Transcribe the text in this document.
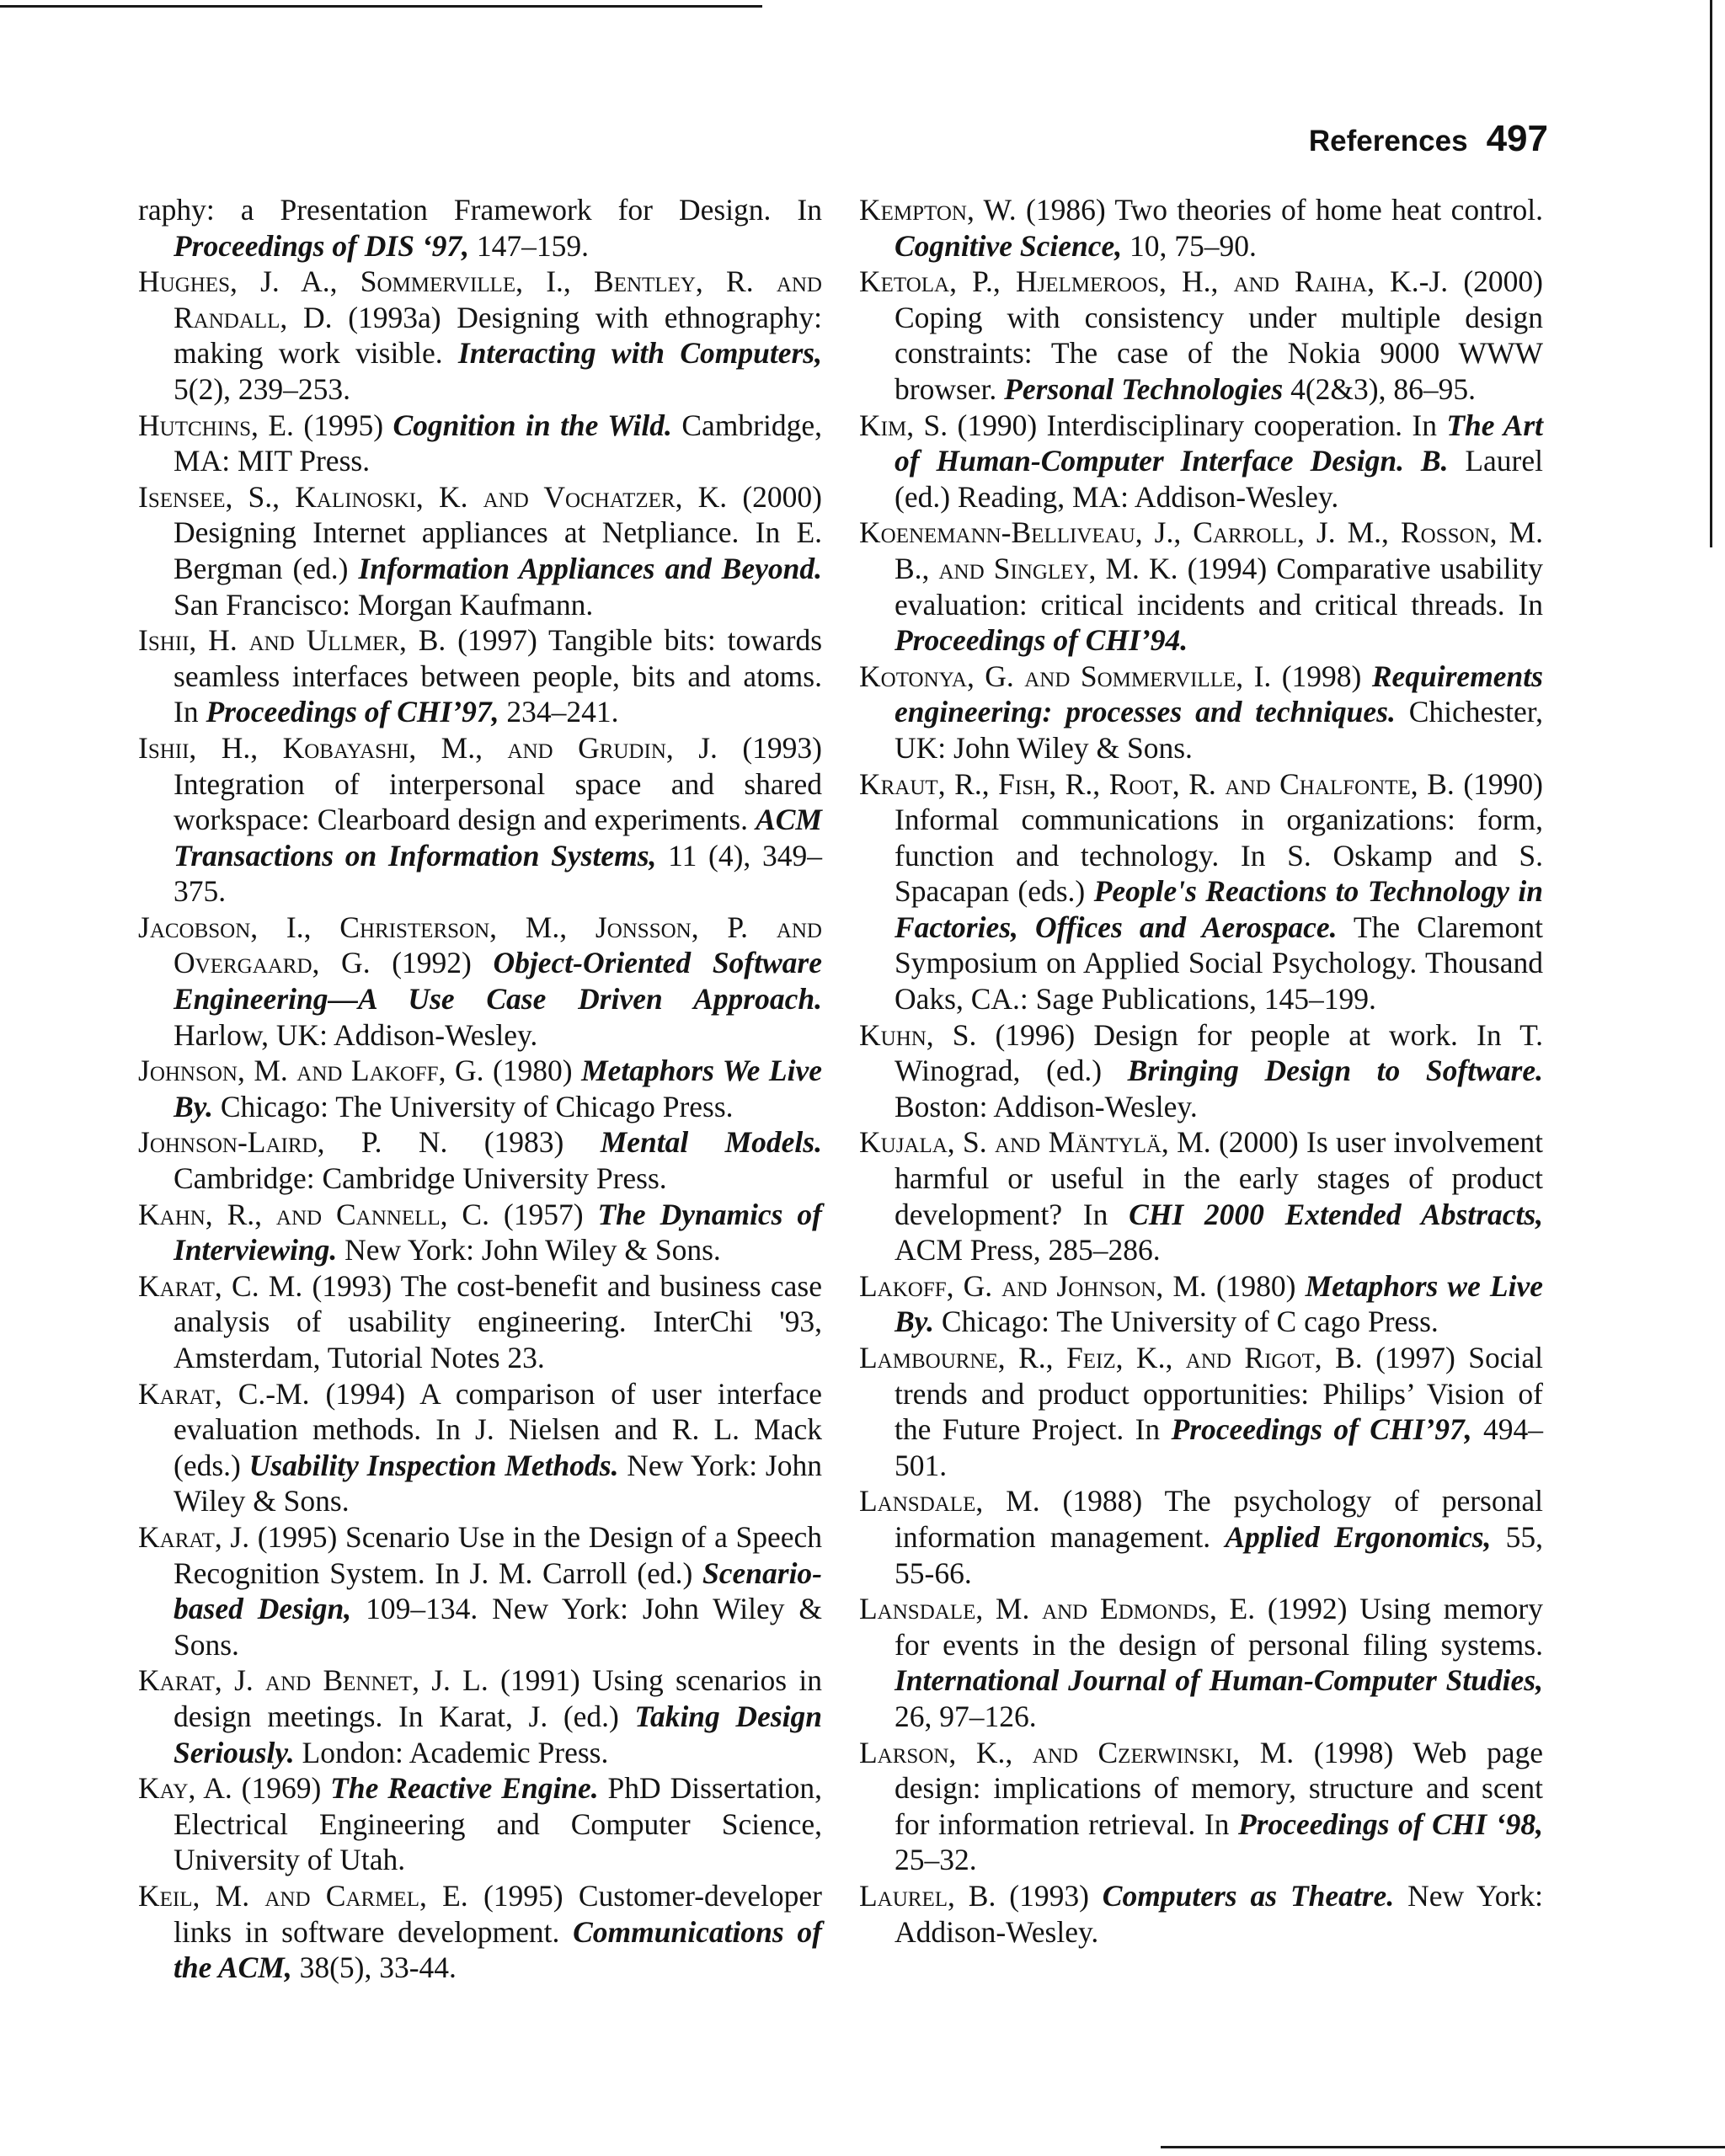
References 497
raphy: a Presentation Framework for Design. In Proceedings of DIS ‘97, 147–159.
Hughes, J. A., Sommerville, I., Bentley, R. and Randall, D. (1993a) Designing with ethnography: making work visible. Interacting with Computers, 5(2), 239–253.
Hutchins, E. (1995) Cognition in the Wild. Cambridge, MA: MIT Press.
Isensee, S., Kalinoski, K. and Vochatzer, K. (2000) Designing Internet appliances at Netpliance. In E. Bergman (ed.) Information Appliances and Beyond. San Francisco: Morgan Kaufmann.
Ishii, H. and Ullmer, B. (1997) Tangible bits: towards seamless interfaces between people, bits and atoms. In Proceedings of CHI’97, 234–241.
Ishii, H., Kobayashi, M., and Grudin, J. (1993) Integration of interpersonal space and shared workspace: Clearboard design and experiments. ACM Transactions on Information Systems, 11 (4), 349–375.
Jacobson, I., Christerson, M., Jonsson, P. and Overgaard, G. (1992) Object-Oriented Software Engineering—A Use Case Driven Approach. Harlow, UK: Addison-Wesley.
Johnson, M. and Lakoff, G. (1980) Metaphors We Live By. Chicago: The University of Chicago Press.
Johnson-Laird, P. N. (1983) Mental Models. Cambridge: Cambridge University Press.
Kahn, R., and Cannell, C. (1957) The Dynamics of Interviewing. New York: John Wiley & Sons.
Karat, C. M. (1993) The cost-benefit and business case analysis of usability engineering. InterChi '93, Amsterdam, Tutorial Notes 23.
Karat, C.-M. (1994) A comparison of user interface evaluation methods. In J. Nielsen and R. L. Mack (eds.) Usability Inspection Methods. New York: John Wiley & Sons.
Karat, J. (1995) Scenario Use in the Design of a Speech Recognition System. In J. M. Carroll (ed.) Scenario-based Design, 109–134. New York: John Wiley & Sons.
Karat, J. and Bennet, J. L. (1991) Using scenarios in design meetings. In Karat, J. (ed.) Taking Design Seriously. London: Academic Press.
Kay, A. (1969) The Reactive Engine. PhD Dissertation, Electrical Engineering and Computer Science, University of Utah.
Keil, M. and Carmel, E. (1995) Customer-developer links in software development. Communications of the ACM, 38(5), 33-44.
Kempton, W. (1986) Two theories of home heat control. Cognitive Science, 10, 75–90.
Ketola, P., Hjelmeroos, H., and Raiha, K.-J. (2000) Coping with consistency under multiple design constraints: The case of the Nokia 9000 WWW browser. Personal Technologies 4(2&3), 86–95.
Kim, S. (1990) Interdisciplinary cooperation. In The Art of Human-Computer Interface Design. B. Laurel (ed.) Reading, MA: Addison-Wesley.
Koenemann-Belliveau, J., Carroll, J. M., Rosson, M. B., and Singley, M. K. (1994) Comparative usability evaluation: critical incidents and critical threads. In Proceedings of CHI’94.
Kotonya, G. and Sommerville, I. (1998) Requirements engineering: processes and techniques. Chichester, UK: John Wiley & Sons.
Kraut, R., Fish, R., Root, R. and Chalfonte, B. (1990) Informal communications in organizations: form, function and technology. In S. Oskamp and S. Spacapan (eds.) People's Reactions to Technology in Factories, Offices and Aerospace. The Claremont Symposium on Applied Social Psychology. Thousand Oaks, CA.: Sage Publications, 145–199.
Kuhn, S. (1996) Design for people at work. In T. Winograd, (ed.) Bringing Design to Software. Boston: Addison-Wesley.
Kujala, S. and Mäntylä, M. (2000) Is user involvement harmful or useful in the early stages of product development? In CHI 2000 Extended Abstracts, ACM Press, 285–286.
Lakoff, G. and Johnson, M. (1980) Metaphors we Live By. Chicago: The University of C cago Press.
Lambourne, R., Feiz, K., and Rigot, B. (1997) Social trends and product opportunities: Philips’ Vision of the Future Project. In Proceedings of CHI’97, 494–501.
Lansdale, M. (1988) The psychology of personal information management. Applied Ergonomics, 55, 55-66.
Lansdale, M. and Edmonds, E. (1992) Using memory for events in the design of personal filing systems. International Journal of Human-Computer Studies, 26, 97–126.
Larson, K., and Czerwinski, M. (1998) Web page design: implications of memory, structure and scent for information retrieval. In Proceedings of CHI ‘98, 25–32.
Laurel, B. (1993) Computers as Theatre. New York: Addison-Wesley.
